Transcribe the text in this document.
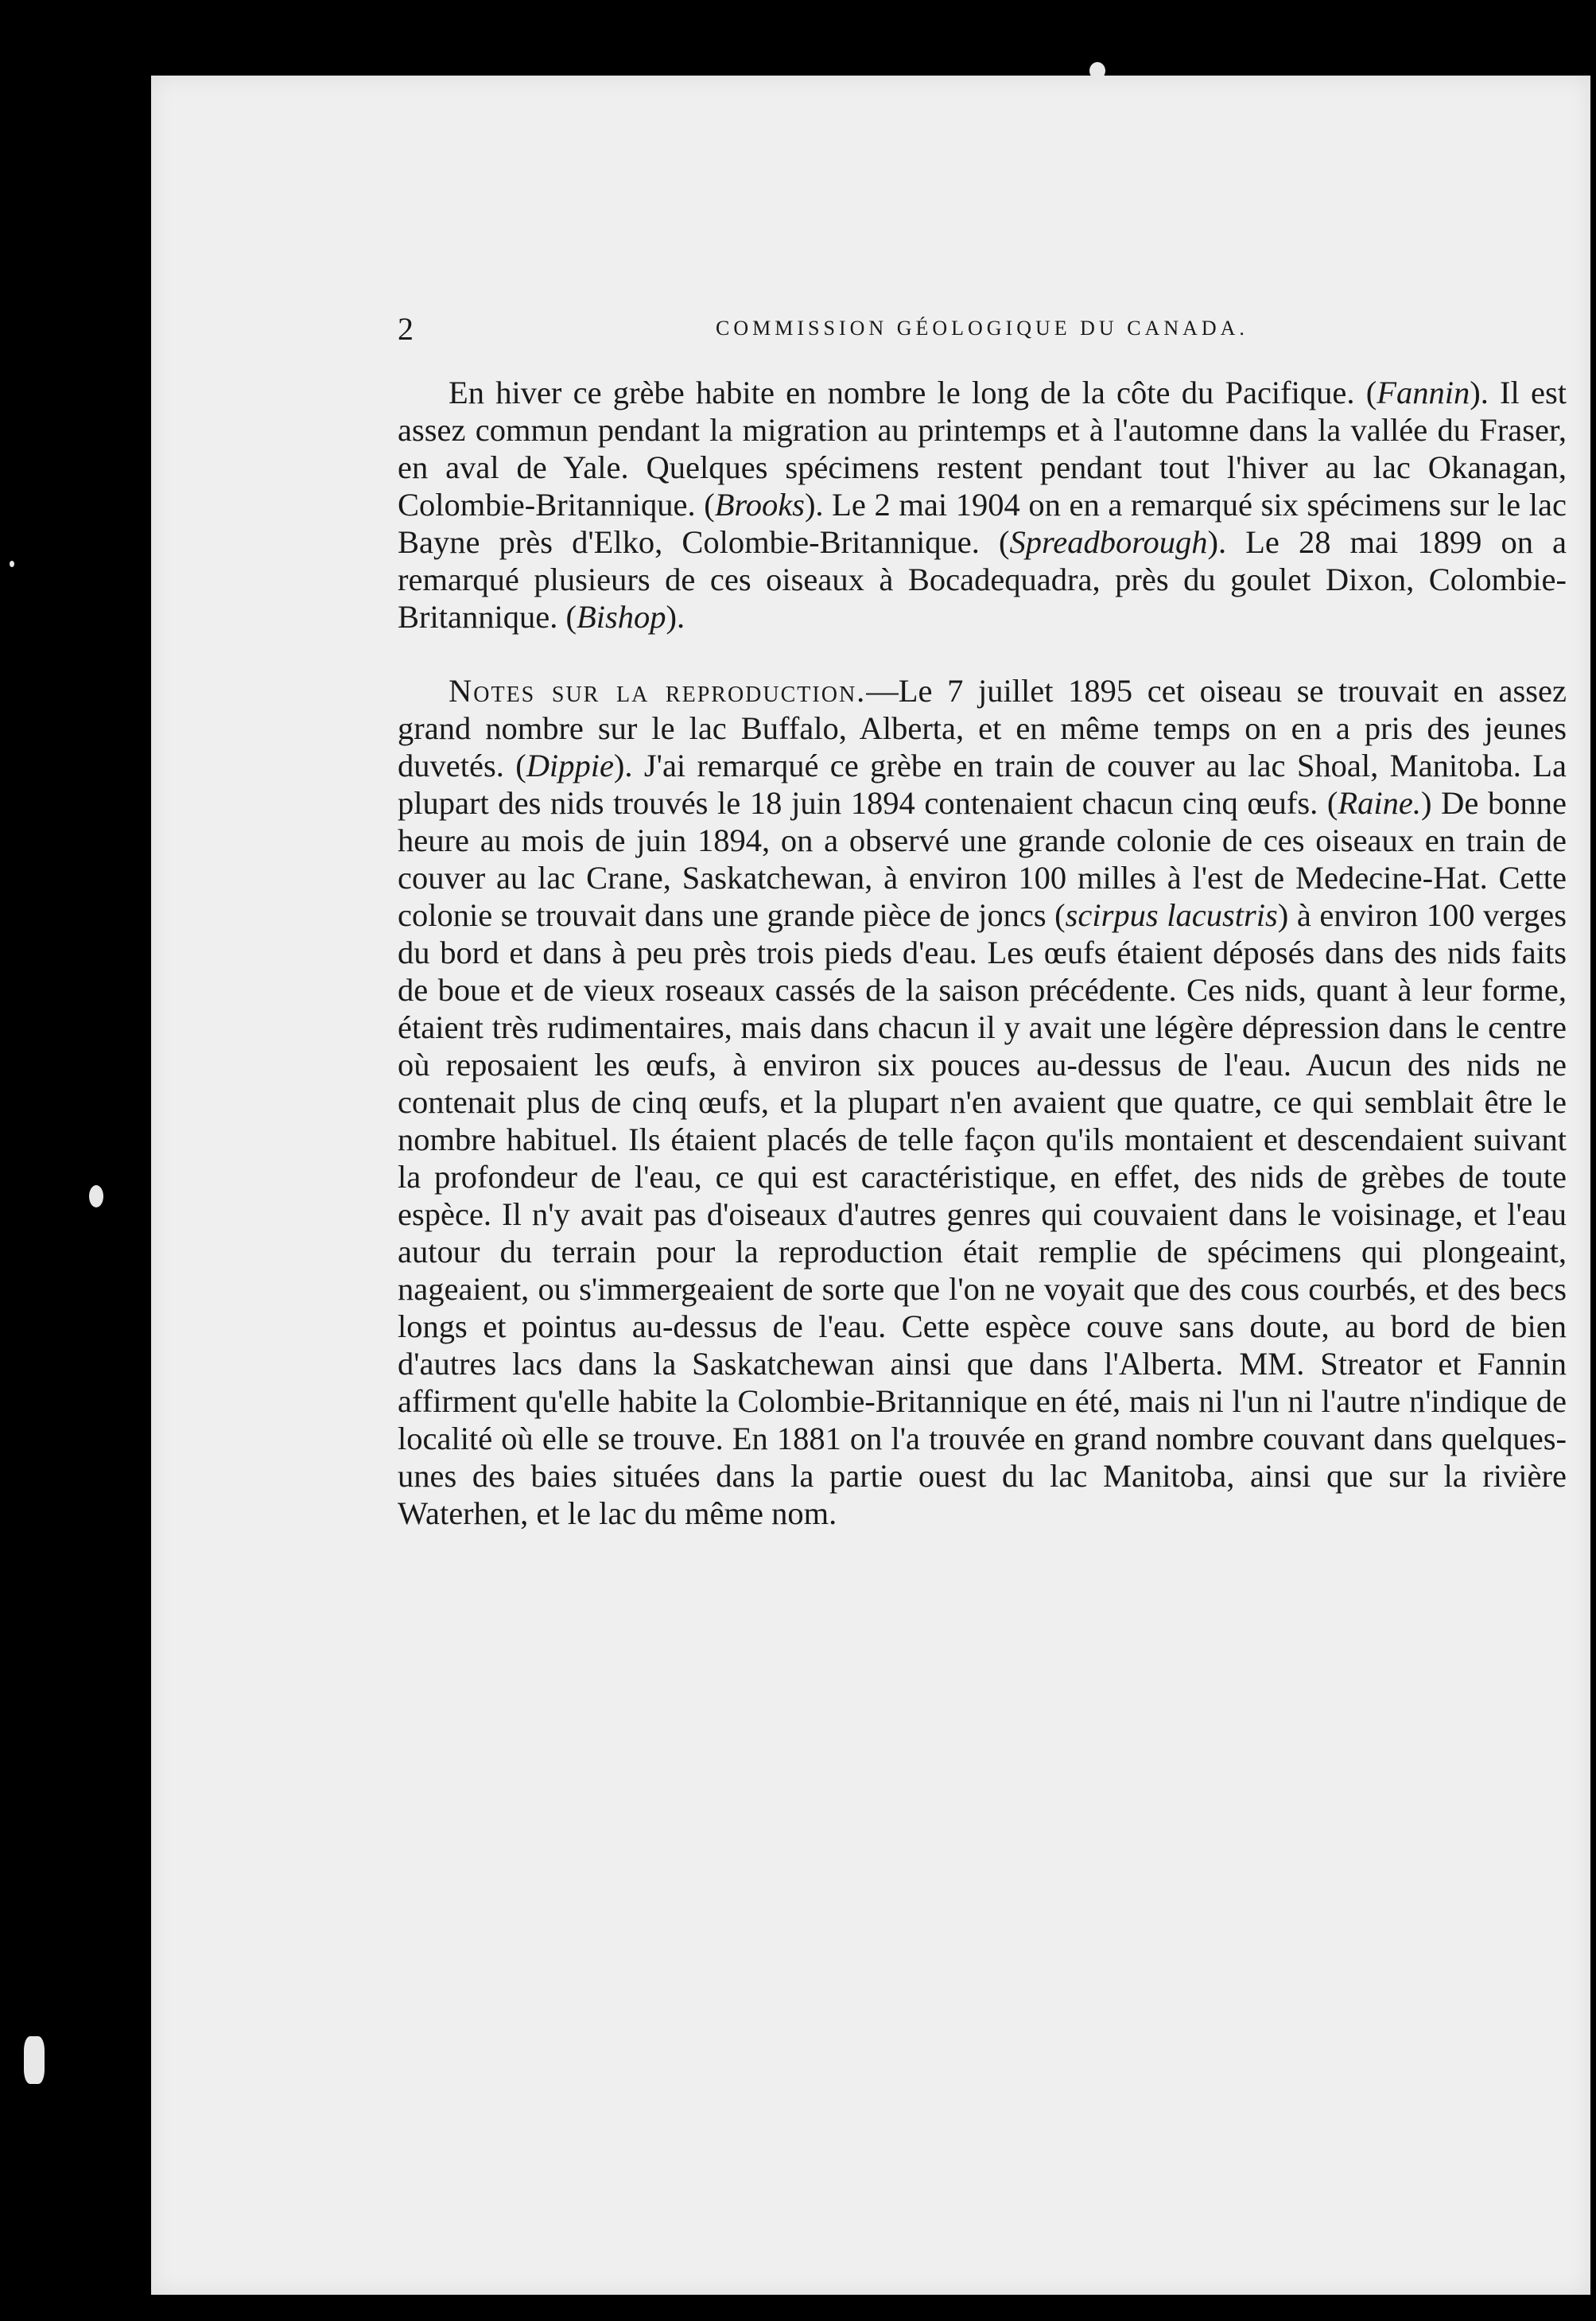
2	COMMISSION GÉOLOGIQUE DU CANADA.

En hiver ce grèbe habite en nombre le long de la côte du Pacifique. (Fannin). Il est assez commun pendant la migration au printemps et à l'automne dans la vallée du Fraser, en aval de Yale. Quelques spécimens restent pendant tout l'hiver au lac Okanagan, Colombie-Britannique. (Brooks). Le 2 mai 1904 on en a remarqué six spécimens sur le lac Bayne près d'Elko, Colombie-Britannique. (Spreadborough). Le 28 mai 1899 on a remarqué plusieurs de ces oiseaux à Bocadequadra, près du goulet Dixon, Colombie-Britannique. (Bishop).

Notes sur la reproduction.—Le 7 juillet 1895 cet oiseau se trouvait en assez grand nombre sur le lac Buffalo, Alberta, et en même temps on en a pris des jeunes duvetés. (Dippie). J'ai remarqué ce grèbe en train de couver au lac Shoal, Manitoba. La plupart des nids trouvés le 18 juin 1894 contenaient chacun cinq œufs. (Raine.) De bonne heure au mois de juin 1894, on a observé une grande colonie de ces oiseaux en train de couver au lac Crane, Saskatchewan, à environ 100 milles à l'est de Medecine-Hat. Cette colonie se trouvait dans une grande pièce de joncs (scirpus lacustris) à environ 100 verges du bord et dans à peu près trois pieds d'eau. Les œufs étaient déposés dans des nids faits de boue et de vieux roseaux cassés de la saison précédente. Ces nids, quant à leur forme, étaient très rudimentaires, mais dans chacun il y avait une légère dépression dans le centre où reposaient les œufs, à environ six pouces au-dessus de l'eau. Aucun des nids ne contenait plus de cinq œufs, et la plupart n'en avaient que quatre, ce qui semblait être le nombre habituel. Ils étaient placés de telle façon qu'ils montaient et descendaient suivant la profondeur de l'eau, ce qui est caractéristique, en effet, des nids de grèbes de toute espèce. Il n'y avait pas d'oiseaux d'autres genres qui couvaient dans le voisinage, et l'eau autour du terrain pour la reproduction était remplie de spécimens qui plongeaint, nageaient, ou s'immergeaient de sorte que l'on ne voyait que des cous courbés, et des becs longs et pointus au-dessus de l'eau. Cette espèce couve sans doute, au bord de bien d'autres lacs dans la Saskatchewan ainsi que dans l'Alberta. MM. Streator et Fannin affirment qu'elle habite la Colombie-Britannique en été, mais ni l'un ni l'autre n'indique de localité où elle se trouve. En 1881 on l'a trouvée en grand nombre couvant dans quelques-unes des baies situées dans la partie ouest du lac Manitoba, ainsi que sur la rivière Waterhen, et le lac du même nom.
